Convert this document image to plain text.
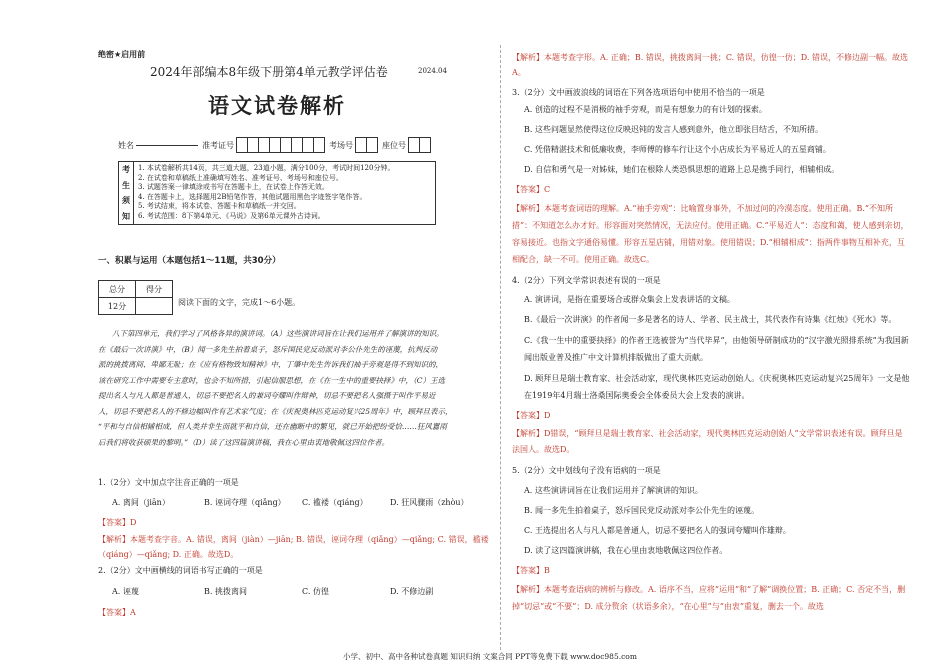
绝密★启用前
2024年部编本8年级下册第4单元教学评估卷	2024.04
语文试卷解析
姓名	准考证号	考场号	座位号
考
生
须
知

1. 本试卷解析共14页，共三道大题，23道小题，满分100分，考试时间120分钟。

2. 在试卷和草稿纸上准确填写姓名、准考证号、考场号和座位号。

3. 试题答案一律填涂或书写在答题卡上，在试卷上作答无效。

4. 在答题卡上，选择题用2B铅笔作答，其他试题用黑色字迹签字笔作答。

5. 考试结束，将本试卷、答题卡和草稿纸一并交回。

6. 考试范围：8下第4单元、《马说》及第6单元课外古诗词。

一、积累与运用（本题包括1～11题，共30分）
总分	得分
12分		阅读下面的文字，完成1～6小题。

八下第四单元，我们学习了风格各异的演讲词。（A）这些演讲词旨在让我们运用并了解演讲的知识。

在《最后一次讲演》中，（B）闻一多先生拍着桌子，怒斥国民党反动派对李公仆先生的诬蔑，抗判反动

派的挑拨离间、卑鄙无耻；在《应有格物致知精神》中，丁肇中先生告诉我们袖手旁观是得不到知识的，

该在研究工作中需要专主意时，也会不知所措，引起信服思想，在《在一生中的重要抉择》中，（C）王选

提出名人与凡人都是普通人，切忌不要把名人的兼词夸耀叫作辩神，切忌不要把名人强摄于叫作平易近

人，切忌不要把名人的不修边幅叫作有艺术家气度；在《庆祝奥林匹克运动复兴25周年》中，顾拜旦表示，

“平和与自信相辅相成，但人类并非生而就平和自信，还在幽断中的繁见，就已开始把纷受恰……狂风囂雨

后我们将收获硕果的黎明。”（D）读了这四篇演讲稿，我在心里由衷地敬佩这四位作者。

1.（2分）文中加点字注音正确的一项是

A. 离间（jiān）	B. 诬词夺理（qiǎng）	C. 褴褛（qiáng）	D. 狂风骤雨（zhòu）

【答案】D

【解析】本题考查字音。A. 错误，离间（jiàn）—jiān; B. 错误，诬词夺理（qiǎng）—qiǎng; C. 错误，褴褛（qiáng）—qiǎng; D. 正确。故选D。

2.（2分）文中画横线的词语书写正确的一项是

A. 诬蔑	B. 挑拨离间	C. 仿徨	D. 不修边副

【答案】A

【解析】本题考查字形。A. 正确；B. 错误，挑拨离间一挑；C. 错误，仿徨一仿；D. 错误，不修边副一幅。故选A。

3.（2分）文中画波浪线的词语在下列各选项语句中使用不恰当的一项是

A. 创造的过程不是消极的袖手旁观，而是有想象力的有计划的探索。

B. 这些问题显然使得这位反映迟钝的发言人感到意外，他立即张目结舌，不知所措。

C. 凭借精湛技术和低廉收费，李师傅的修车行让这个小店成长为平易近人的五星商铺。

D. 自信和勇气是一对姊妹，她们在根除人类恐惧思想的道路上总是携手同行，相辅相成。

【答案】C

【解析】本题考查词语的理解。A.“袖手旁观”：比喻置身事外，不加过问的冷漠态度。使用正确。B.“不知所措”：不知道怎么办才好。形容面对突然情况，无法应付。使用正确。C.“平易近人”：态度和蔼，使人感到亲切，容易接近。也指文字通俗易懂。形容五星店铺，用错对象。使用错误；D.“相辅相成”：指两件事物互相补充，互相配合，缺一不可。使用正确。故选C。

4.（2分）下列文学常识表述有误的一项是

A. 演讲词，是指在重要场合或群众集会上发表讲话的文稿。

B.《最后一次讲演》的作者闻一多是著名的诗人、学者、民主战士，其代表作有诗集《红烛》《死水》等。

C.《我一生中的重要抉择》的作者王选被誉为“当代毕昇”，由他领导研制成功的“汉字激光照排系统”为我国新闻出版业普及推广中文计算机排版做出了重大贡献。

D. 顾拜旦是瑞士教育家、社会活动家，现代奥林匹克运动创始人。《庆祝奥林匹克运动复兴25周年》一文是他在1919年4月瑞士洛桑国际奥委会全体委员大会上发表的演讲。

【答案】D

【解析】D错误，“顾拜旦是瑞士教育家、社会活动家，现代奥林匹克运动创始人”文学常识表述有误。顾拜旦是法国人。故选D。

5.（2分）文中划线句子没有语病的一项是

A. 这些演讲词旨在让我们运用并了解演讲的知识。

B. 闻一多先生拍着桌子，怒斥国民党反动派对李公仆先生的诬蔑。

C. 王选提出名人与凡人都是普通人，切忌不要把名人的强词夸耀叫作雄辩。

D. 读了这四篇演讲稿，我在心里由衷地敬佩这四位作者。

【答案】B

【解析】本题考查语病的辨析与修改。A. 语序不当，应将“运用”和“了解”调换位置；B. 正确；C. 否定不当，删掉“切忌”或“不要”；D. 成分赘余（状语多余），“在心里”与“由衷”重复，删去一个。故选

小学、初中、高中各种试卷真题 知识归纳 文案合同 PPT等免费下载 www.doc985.com
